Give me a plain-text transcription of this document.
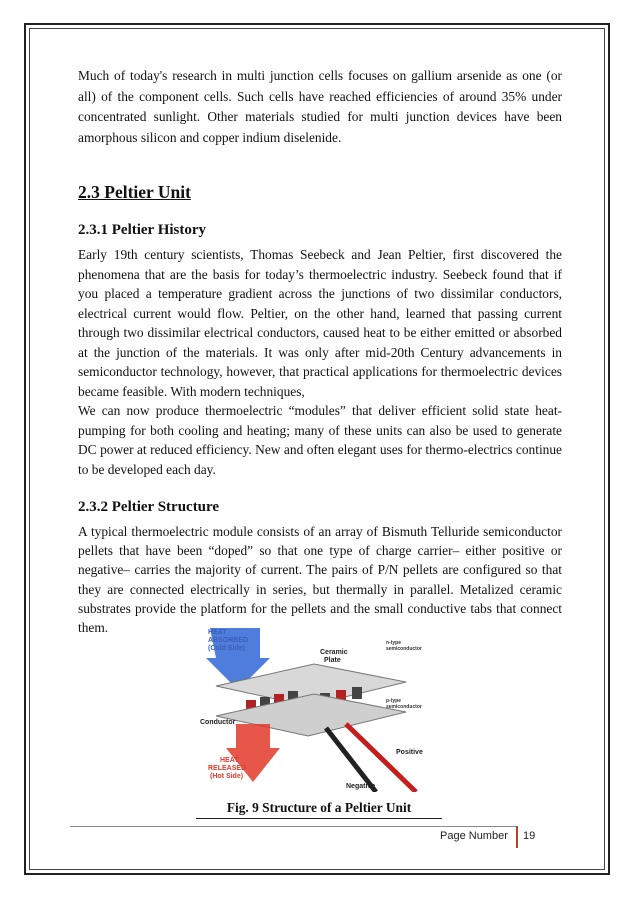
Much of today's research in multi junction cells focuses on gallium arsenide as one (or all) of the component cells. Such cells have reached efficiencies of around 35% under concentrated sunlight. Other materials studied for multi junction devices have been amorphous silicon and copper indium diselenide.

2.3 Peltier Unit
2.3.1 Peltier History

Early 19th century scientists, Thomas Seebeck and Jean Peltier, first discovered the phenomena that are the basis for today’s thermoelectric industry. Seebeck found that if you placed a temperature gradient across the junctions of two dissimilar conductors, electrical current would flow. Peltier, on the other hand, learned that passing current through two dissimilar electrical conductors, caused heat to be either emitted or absorbed at the junction of the materials. It was only after mid-20th Century advancements in semiconductor technology, however, that practical applications for thermoelectric devices became feasible. With modern techniques,

We can now produce thermoelectric “modules” that deliver efficient solid state heat-pumping for both cooling and heating; many of these units can also be used to generate DC power at reduced efficiency. New and often elegant uses for thermo-electrics continue to be developed each day.

2.3.2 Peltier Structure

A typical thermoelectric module consists of an array of Bismuth Telluride semiconductor pellets that have been “doped” so that one type of charge carrier– either positive or negative– carries the majority of current. The pairs of P/N pellets are configured so that they are connected electrically in series, but thermally in parallel. Metalized ceramic substrates provide the platform for the pellets and the small conductive tabs that connect them.	HEAT
ABSORBED
(Cold Side)
Ceramic
Plate
Conductor
Positive
Negative
n-type
semiconductor
p-type
semiconductor
HEAT
RELEASED
(Hot Side)
Fig. 9 Structure of a Peltier Unit
Page Number 19
